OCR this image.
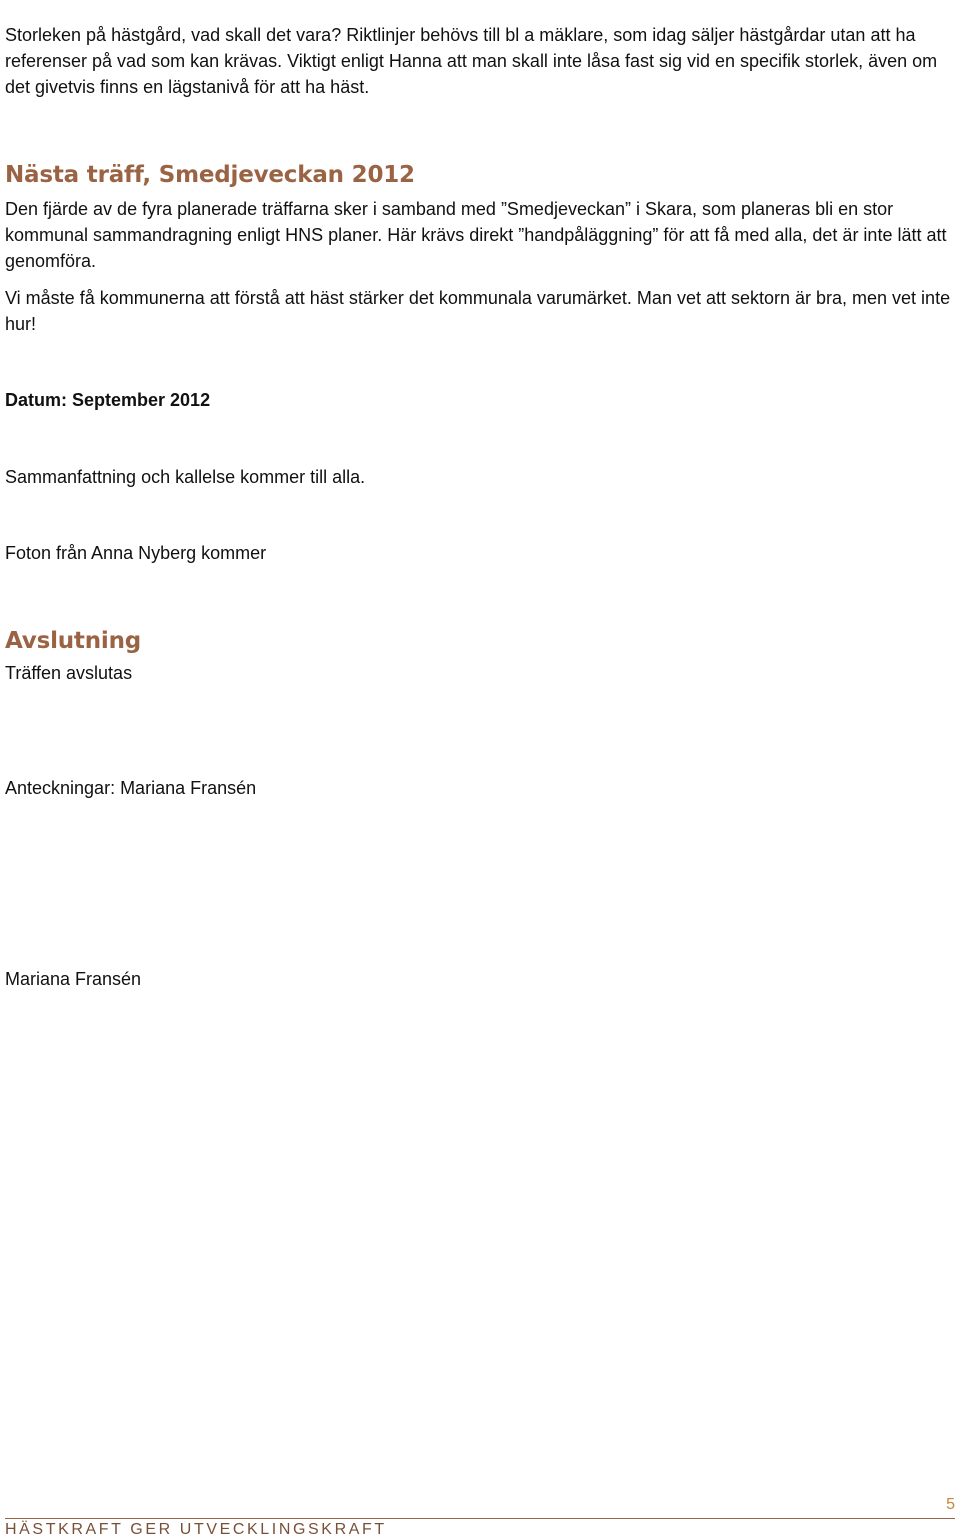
Storleken på hästgård, vad skall det vara? Riktlinjer behövs till bl a mäklare, som idag säljer hästgårdar utan att ha referenser på vad som kan krävas. Viktigt enligt Hanna att man skall inte låsa fast sig vid en specifik storlek, även om det givetvis finns en lägstanivå för att ha häst.

Nästa träff, Smedjeveckan 2012

Den fjärde av de fyra planerade träffarna sker i samband med ”Smedjeveckan” i Skara, som planeras bli en stor kommunal sammandragning enligt HNS planer. Här krävs direkt ”handpåläggning” för att få med alla, det är inte lätt att genomföra.

Vi måste få kommunerna att förstå att häst stärker det kommunala varumärket. Man vet att sektorn är bra, men vet inte hur!

Datum: September 2012

Sammanfattning och kallelse kommer till alla.

Foton från Anna Nyberg kommer

Avslutning

Träffen avslutas

Anteckningar: Mariana Fransén

Mariana Fransén

5
HÄSTKRAFT GER UTVECKLINGSKRAFT
